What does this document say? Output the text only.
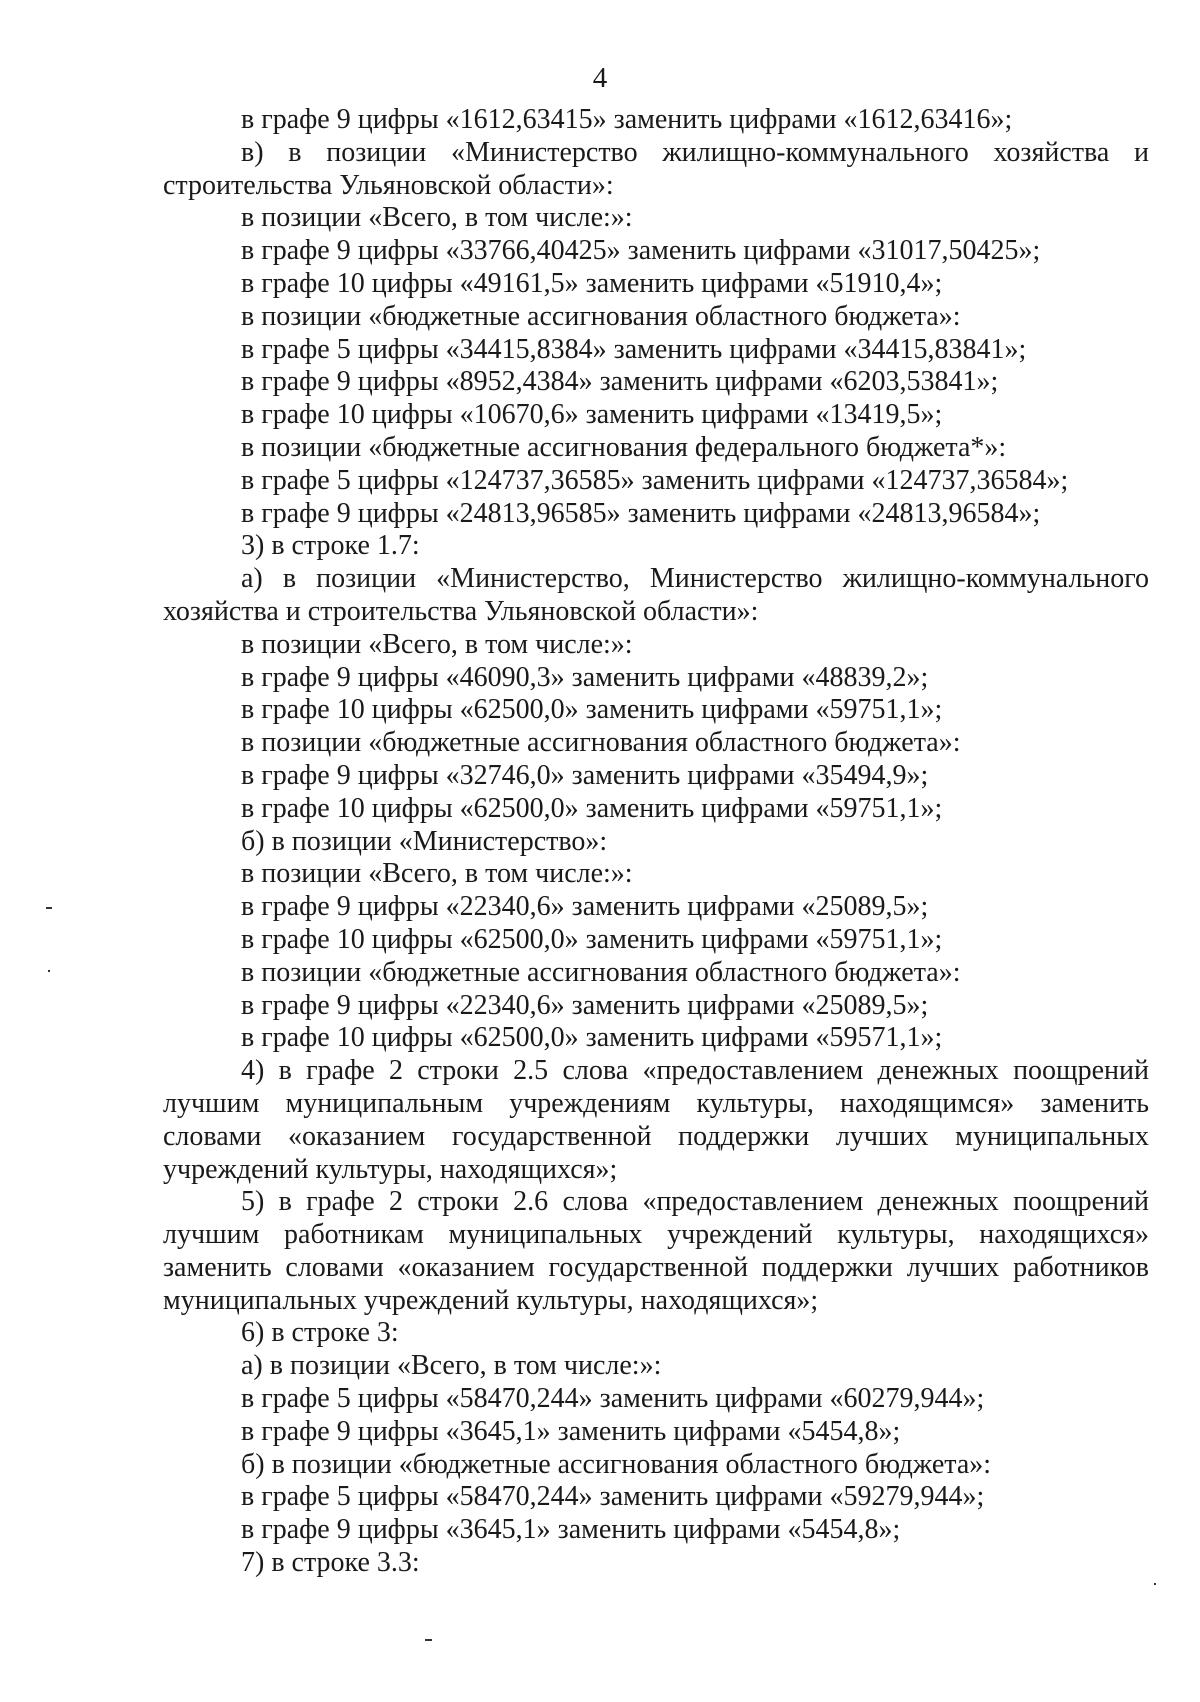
4

в графе 9 цифры «1612,63415» заменить цифрами «1612,63416»;

в) в позиции «Министерство жилищно-коммунального хозяйства и строительства Ульяновской области»:

в позиции «Всего, в том числе:»:

в графе 9 цифры «33766,40425» заменить цифрами «31017,50425»;

в графе 10 цифры «49161,5» заменить цифрами «51910,4»;

в позиции «бюджетные ассигнования областного бюджета»:

в графе 5 цифры «34415,8384» заменить цифрами «34415,83841»;

в графе 9 цифры «8952,4384» заменить цифрами «6203,53841»;

в графе 10 цифры «10670,6» заменить цифрами «13419,5»;

в позиции «бюджетные ассигнования федерального бюджета*»:

в графе 5 цифры «124737,36585» заменить цифрами «124737,36584»;

в графе 9 цифры «24813,96585» заменить цифрами «24813,96584»;

3) в строке 1.7:

а) в позиции «Министерство, Министерство жилищно-коммунального хозяйства и строительства Ульяновской области»:

в позиции «Всего, в том числе:»:

в графе 9 цифры «46090,3» заменить цифрами «48839,2»;

в графе 10 цифры «62500,0» заменить цифрами «59751,1»;

в позиции «бюджетные ассигнования областного бюджета»:

в графе 9 цифры «32746,0» заменить цифрами «35494,9»;

в графе 10 цифры «62500,0» заменить цифрами «59751,1»;

б) в позиции «Министерство»:

в позиции «Всего, в том числе:»:

в графе 9 цифры «22340,6» заменить цифрами «25089,5»;

в графе 10 цифры «62500,0» заменить цифрами «59751,1»;

в позиции «бюджетные ассигнования областного бюджета»:

в графе 9 цифры «22340,6» заменить цифрами «25089,5»;

в графе 10 цифры «62500,0» заменить цифрами «59571,1»;

4) в графе 2 строки 2.5 слова «предоставлением денежных поощрений лучшим муниципальным учреждениям культуры, находящимся» заменить словами «оказанием государственной поддержки лучших муниципальных учреждений культуры, находящихся»;

5) в графе 2 строки 2.6 слова «предоставлением денежных поощрений лучшим работникам муниципальных учреждений культуры, находящихся» заменить словами «оказанием государственной поддержки лучших работников муниципальных учреждений культуры, находящихся»;

6) в строке 3:

а) в позиции «Всего, в том числе:»:

в графе 5 цифры «58470,244» заменить цифрами «60279,944»;

в графе 9 цифры «3645,1» заменить цифрами «5454,8»;

б) в позиции «бюджетные ассигнования областного бюджета»:

в графе 5 цифры «58470,244» заменить цифрами «59279,944»;

в графе 9 цифры «3645,1» заменить цифрами «5454,8»;

7) в строке 3.3:
